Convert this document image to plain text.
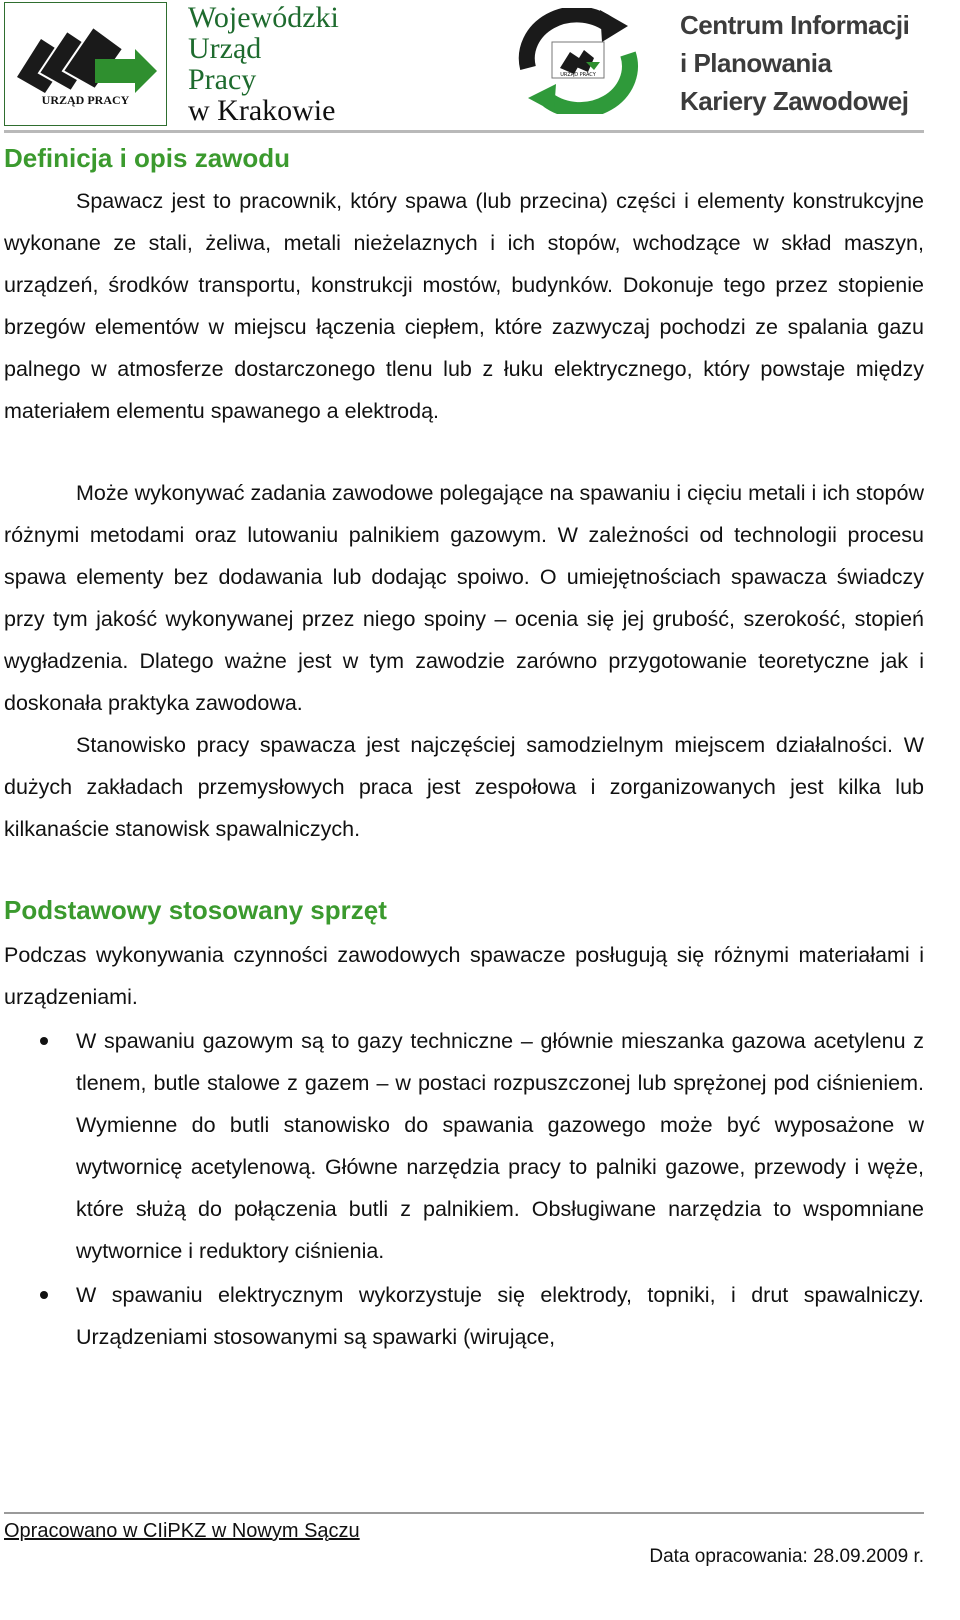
URZĄD PRACY
Wojewódzki
Urząd
Pracy
w Krakowie
URZĄD PRACY
Centrum Informacji
i Planowania
Kariery Zawodowej
Definicja i opis zawodu

Spawacz jest to pracownik, który spawa (lub przecina) części i elementy konstrukcyjne wykonane ze stali, żeliwa, metali nieżelaznych i ich stopów, wchodzące w skład maszyn, urządzeń, środków transportu, konstrukcji mostów, budynków. Dokonuje tego przez stopienie brzegów elementów w miejscu łączenia ciepłem, które zazwyczaj pochodzi ze spalania gazu palnego w atmosferze dostarczonego tlenu lub z łuku elektrycznego, który powstaje między materiałem elementu spawanego a elektrodą.

Może wykonywać zadania zawodowe polegające na spawaniu i cięciu metali i ich stopów różnymi metodami oraz lutowaniu palnikiem gazowym. W zależności od technologii procesu spawa elementy bez dodawania lub dodając spoiwo. O umiejętnościach spawacza świadczy przy tym jakość wykonywanej przez niego spoiny – ocenia się jej grubość, szerokość, stopień wygładzenia. Dlatego ważne jest w tym zawodzie zarówno przygotowanie teoretyczne jak i doskonała praktyka zawodowa.

Stanowisko pracy spawacza jest najczęściej samodzielnym miejscem działalności. W dużych zakładach przemysłowych praca jest zespołowa i zorganizowanych jest kilka lub kilkanaście stanowisk spawalniczych.

Podstawowy stosowany sprzęt

Podczas wykonywania czynności zawodowych spawacze posługują się różnymi materiałami i urządzeniami.

W spawaniu gazowym są to gazy techniczne – głównie mieszanka gazowa acetylenu z tlenem, butle stalowe z gazem – w postaci rozpuszczonej lub sprężonej pod ciśnieniem. Wymienne do butli stanowisko do spawania gazowego może być wyposażone w wytwornicę acetylenową. Główne narzędzia pracy to palniki gazowe, przewody i węże, które służą do połączenia butli z palnikiem. Obsługiwane narzędzia to wspomniane wytwornice i reduktory ciśnienia.
W spawaniu elektrycznym wykorzystuje się elektrody, topniki, i drut spawalniczy. Urządzeniami stosowanymi są spawarki (wirujące,
Opracowano w CIiPKZ w Nowym Sączu
Data opracowania: 28.09.2009 r.
